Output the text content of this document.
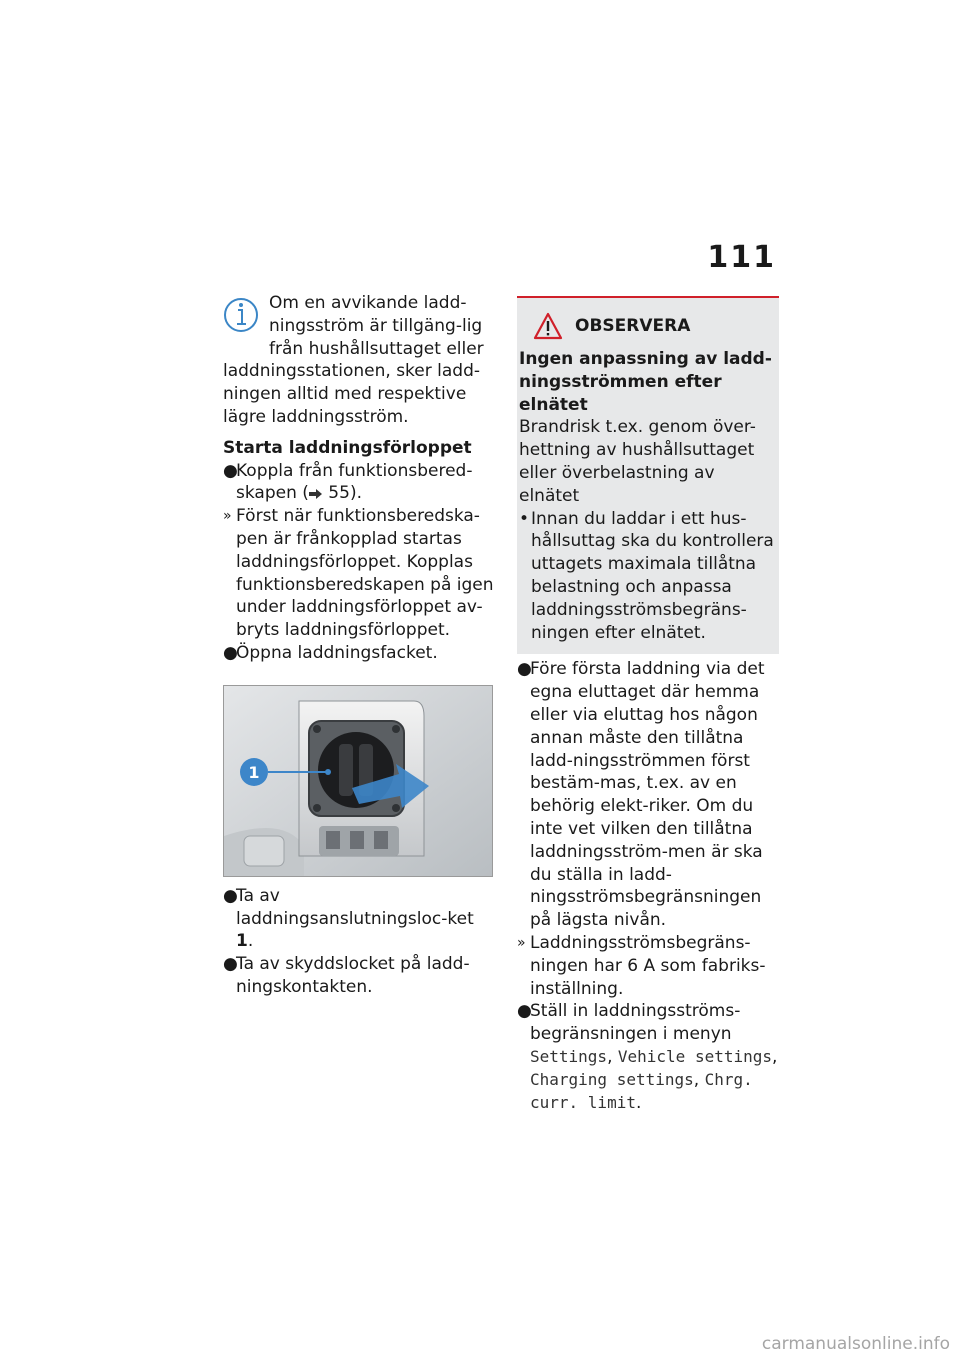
111
Om en avvikande ladd-ningsström är tillgäng-lig från hushållsuttaget eller laddningsstationen, sker ladd-ningen alltid med respektive lägre laddningsström.
Starta laddningsförloppet
●
Koppla från funktionsbered-skapen ( 55).
» Först när funktionsberedska-pen är frånkopplad startas laddningsförloppet. Kopplas funktionsberedskapen på igen under laddningsförloppet av-bryts laddningsförloppet.
●
Öppna laddningsfacket.
1
●
Ta av laddningsanslutningsloc-ket 1.
●
Ta av skyddslocket på ladd-ningskontakten.
OBSERVERA
Ingen anpassning av ladd-ningsströmmen efter elnätet
Brandrisk t.ex. genom över-hettning av hushållsuttaget eller överbelastning av elnätet
• Innan du laddar i ett hus-hållsuttag ska du kontrollera uttagets maximala tillåtna belastning och anpassa laddningsströmsbegräns-ningen efter elnätet.
●
Före första laddning via det egna eluttaget där hemma eller via eluttag hos någon annan måste den tillåtna ladd-ningsströmmen först bestäm-mas, t.ex. av en behörig elekt-riker. Om du inte vet vilken den tillåtna laddningsström-men är ska du ställa in ladd-ningsströmsbegränsningen på lägsta nivån.
» Laddningsströmsbegräns-ningen har 6 A som fabriks-inställning.
●
Ställ in laddningsströms-begränsningen i menyn
Settings, Vehicle settings, Charging settings, Chrg. curr. limit.
carmanualsonline.info
